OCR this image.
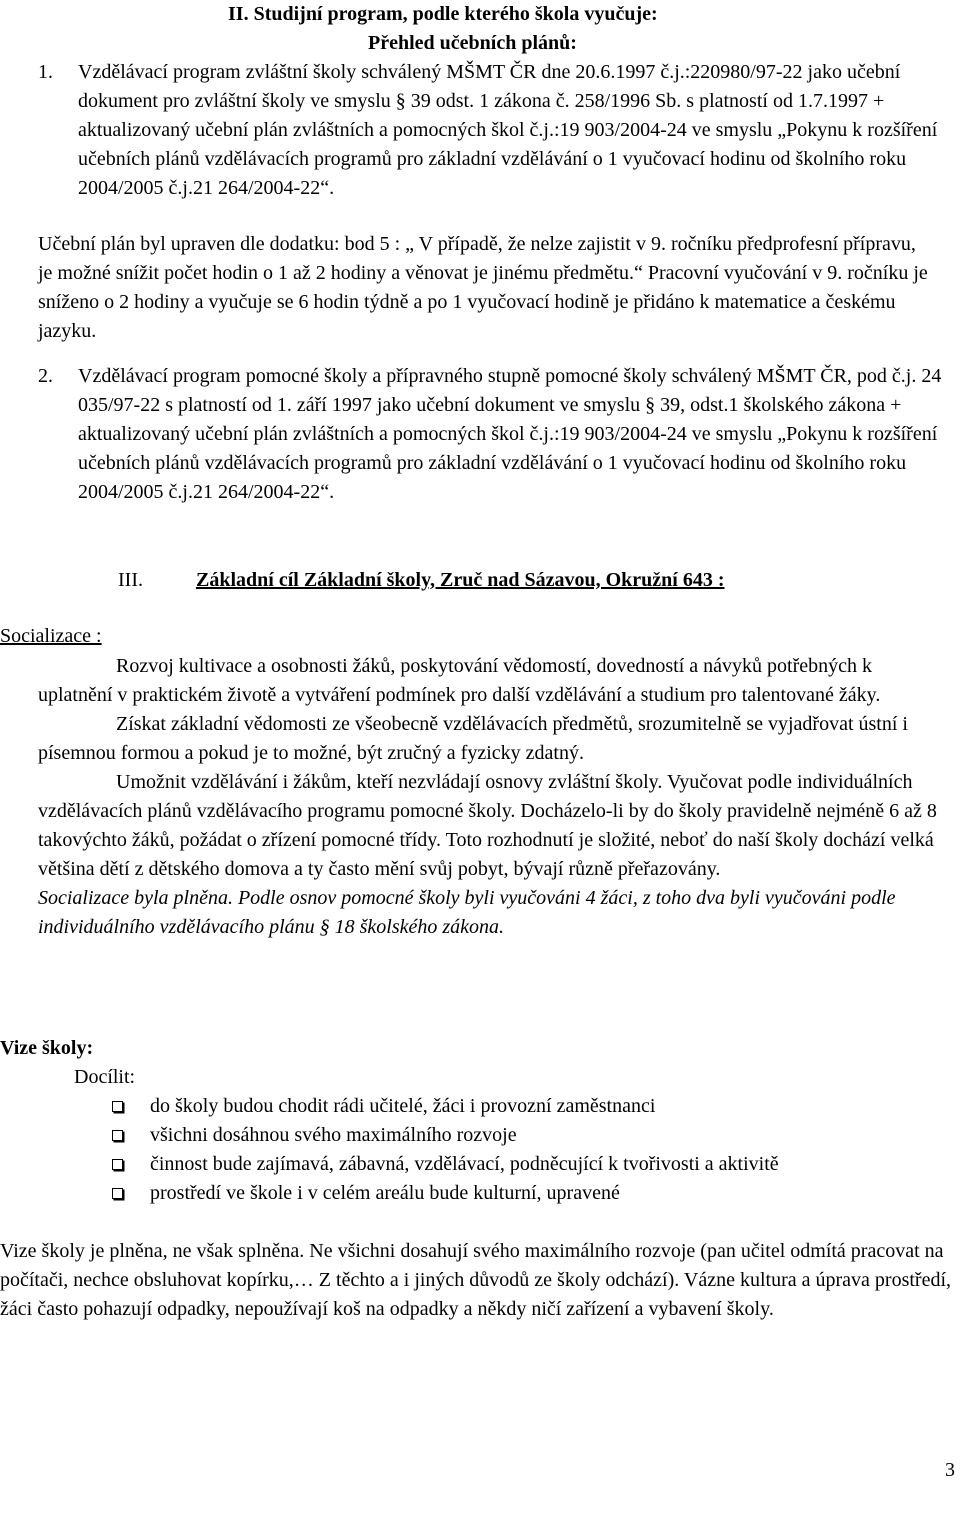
II. Studijní program, podle kterého škola vyučuje:
Přehled učebních plánů:
1. Vzdělávací program zvláštní školy schválený MŠMT ČR dne 20.6.1997 č.j.:220980/97-22 jako učební dokument pro zvláštní školy ve smyslu § 39 odst. 1 zákona č. 258/1996 Sb. s platností od 1.7.1997 + aktualizovaný učební plán zvláštních a pomocných škol č.j.:19 903/2004-24 ve smyslu „Pokynu k rozšíření učebních plánů vzdělávacích programů pro základní vzdělávání o 1 vyučovací hodinu od školního roku 2004/2005 č.j.21 264/2004-22“.
Učební plán byl upraven dle dodatku: bod 5 : „ V případě, že nelze zajistit v 9. ročníku předprofesní přípravu, je možné snížit počet hodin o 1 až 2 hodiny a věnovat je jinému předmětu.“ Pracovní vyučování v 9. ročníku je sníženo o 2 hodiny a vyučuje se 6 hodin týdně a po 1 vyučovací hodině je přidáno k matematice a českému jazyku.
2. Vzdělávací program pomocné školy a přípravného stupně pomocné školy schválený MŠMT ČR, pod č.j. 24 035/97-22 s platností od 1. září 1997 jako učební dokument ve smyslu § 39, odst.1 školského zákona + aktualizovaný učební plán zvláštních a pomocných škol č.j.:19 903/2004-24 ve smyslu „Pokynu k rozšíření učebních plánů vzdělávacích programů pro základní vzdělávání o 1 vyučovací hodinu od školního roku 2004/2005 č.j.21 264/2004-22“.
III.	Základní cíl Základní školy, Zruč nad Sázavou, Okružní 643 :
Socializace :

Rozvoj kultivace a osobnosti žáků, poskytování vědomostí, dovedností a návyků potřebných k uplatnění v praktickém životě a vytváření podmínek pro další vzdělávání a studium pro talentované žáky.

Získat základní vědomosti ze všeobecně vzdělávacích předmětů, srozumitelně se vyjadřovat ústní i písemnou formou a pokud je to možné, být zručný a fyzicky zdatný.

Umožnit vzdělávání i žákům, kteří nezvládají osnovy zvláštní školy. Vyučovat podle individuálních vzdělávacích plánů vzdělávacího programu pomocné školy. Docházelo-li by do školy pravidelně nejméně 6 až 8 takovýchto žáků, požádat o zřízení pomocné třídy. Toto rozhodnutí je složité, neboť do naší školy dochází velká většina dětí z dětského domova a ty často mění svůj pobyt, bývají různě přeřazovány.

Socializace byla plněna. Podle osnov pomocné školy byli vyučováni 4 žáci, z toho dva byli vyučováni podle individuálního vzdělávacího plánu § 18 školského zákona.

Vize školy:
Docílit:
do školy budou chodit rádi učitelé, žáci i provozní zaměstnanci
všichni dosáhnou svého maximálního rozvoje
činnost bude zajímavá, zábavná, vzdělávací, podněcující k tvořivosti a aktivitě
prostředí ve škole i v celém areálu bude kulturní, upravené
Vize školy je plněna, ne však splněna. Ne všichni dosahují svého maximálního rozvoje (pan učitel odmítá pracovat na počítači, nechce obsluhovat kopírku,… Z těchto a i jiných důvodů ze školy odchází). Vázne kultura a úprava prostředí, žáci často pohazují odpadky, nepoužívají koš na odpadky a někdy ničí zařízení a vybavení školy.
3
